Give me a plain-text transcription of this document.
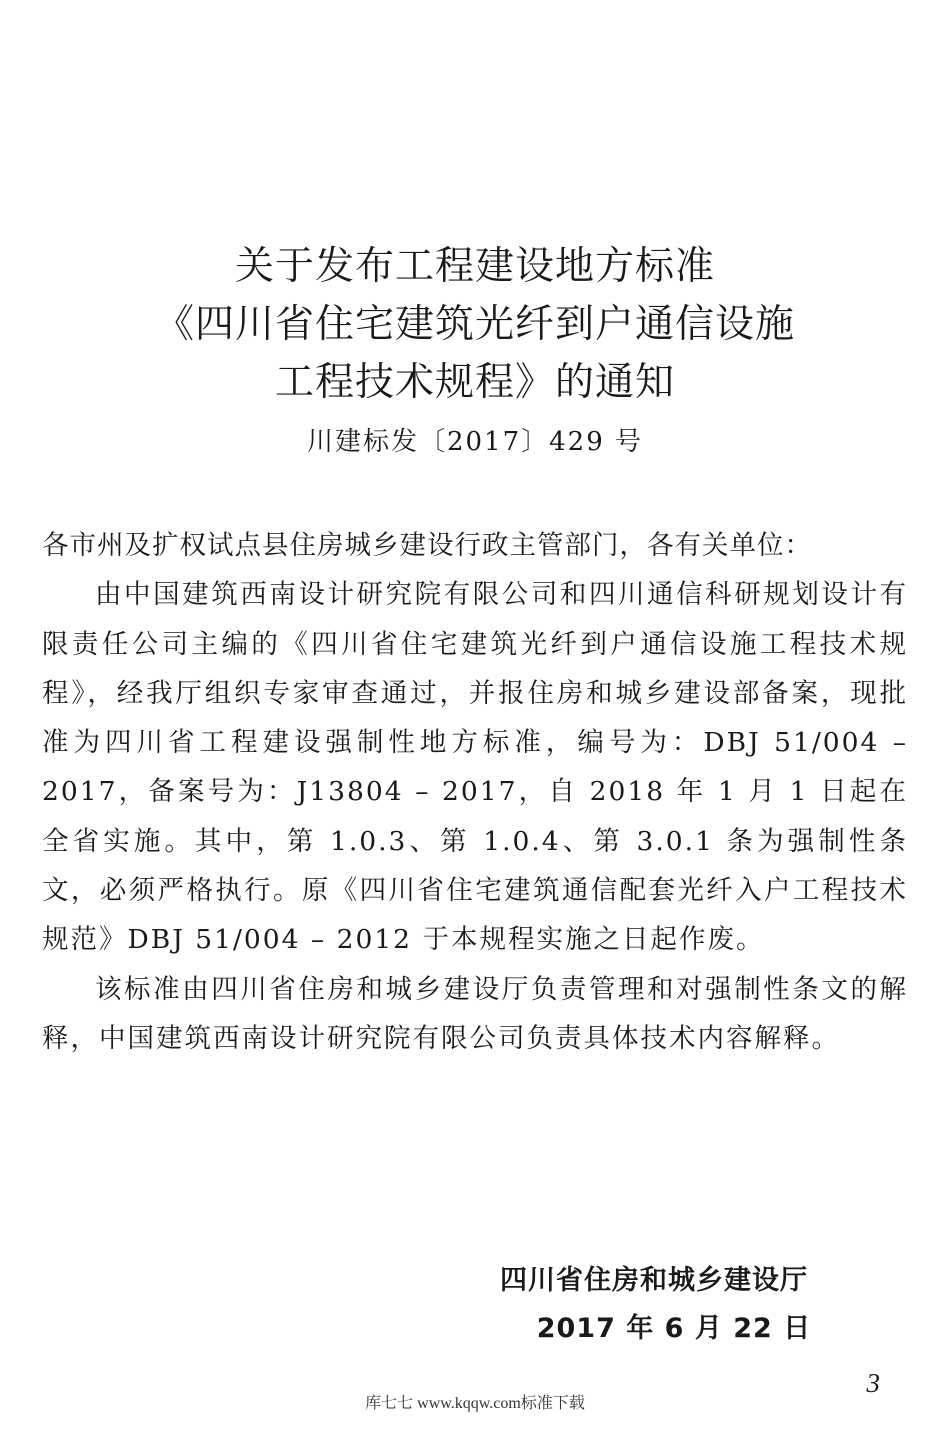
关于发布工程建设地方标准
《四川省住宅建筑光纤到户通信设施
工程技术规程》的通知
川建标发〔2017〕429 号

各市州及扩权试点县住房城乡建设行政主管部门，各有关单位：

由中国建筑西南设计研究院有限公司和四川通信科研规划设计有限责任公司主编的《四川省住宅建筑光纤到户通信设施工程技术规程》，经我厅组织专家审查通过，并报住房和城乡建设部备案，现批准为四川省工程建设强制性地方标准，编号为：DBJ 51/004 – 2017，备案号为：J13804 – 2017，自 2018 年 1 月 1 日起在全省实施。其中，第 1.0.3、第 1.0.4、第 3.0.1 条为强制性条文，必须严格执行。原《四川省住宅建筑通信配套光纤入户工程技术规范》DBJ 51/004 – 2012 于本规程实施之日起作废。

该标准由四川省住房和城乡建设厅负责管理和对强制性条文的解释，中国建筑西南设计研究院有限公司负责具体技术内容解释。

四川省住房和城乡建设厅
2017 年 6 月 22 日
3
库七七 www.kqqw.com标准下载
